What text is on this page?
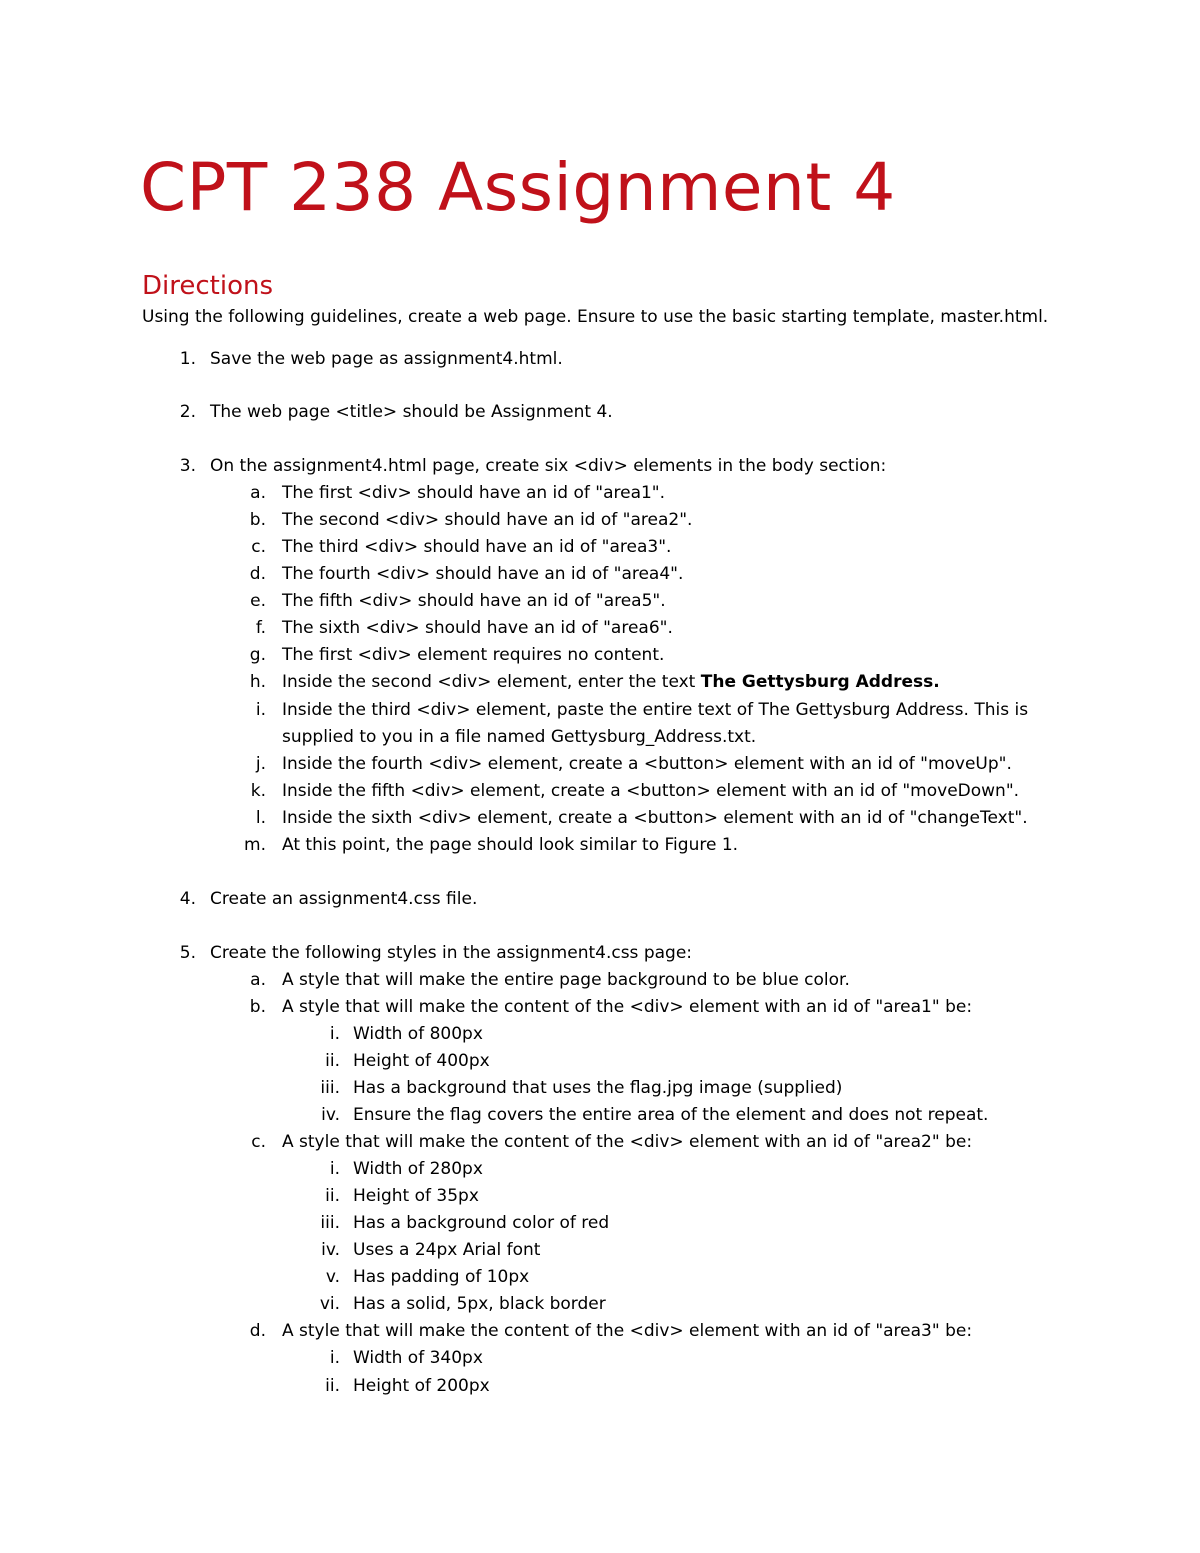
CPT 238 Assignment 4
Directions

Using the following guidelines, create a web page. Ensure to use the basic starting template, master.html.

1. Save the web page as assignment4.html.
2. The web page <title> should be Assignment 4.
3. On the assignment4.html page, create six <div> elements in the body section:
a. The first <div> should have an id of "area1".
b. The second <div> should have an id of "area2".
c. The third <div> should have an id of "area3".
d. The fourth <div> should have an id of "area4".
e. The fifth <div> should have an id of "area5".
f. The sixth <div> should have an id of "area6".
g. The first <div> element requires no content.
h. Inside the second <div> element, enter the text The Gettysburg Address.
i. Inside the third <div> element, paste the entire text of The Gettysburg Address. This is
supplied to you in a file named Gettysburg_Address.txt.
j. Inside the fourth <div> element, create a <button> element with an id of "moveUp".
k. Inside the fifth <div> element, create a <button> element with an id of "moveDown".
l. Inside the sixth <div> element, create a <button> element with an id of "changeText".
m. At this point, the page should look similar to Figure 1.
4. Create an assignment4.css file.
5. Create the following styles in the assignment4.css page:
a. A style that will make the entire page background to be blue color.
b. A style that will make the content of the <div> element with an id of "area1" be:
i. Width of 800px
ii. Height of 400px
iii. Has a background that uses the flag.jpg image (supplied)
iv. Ensure the flag covers the entire area of the element and does not repeat.
c. A style that will make the content of the <div> element with an id of "area2" be:
i. Width of 280px
ii. Height of 35px
iii. Has a background color of red
iv. Uses a 24px Arial font
v. Has padding of 10px
vi. Has a solid, 5px, black border
d. A style that will make the content of the <div> element with an id of "area3" be:
i. Width of 340px
ii. Height of 200px
